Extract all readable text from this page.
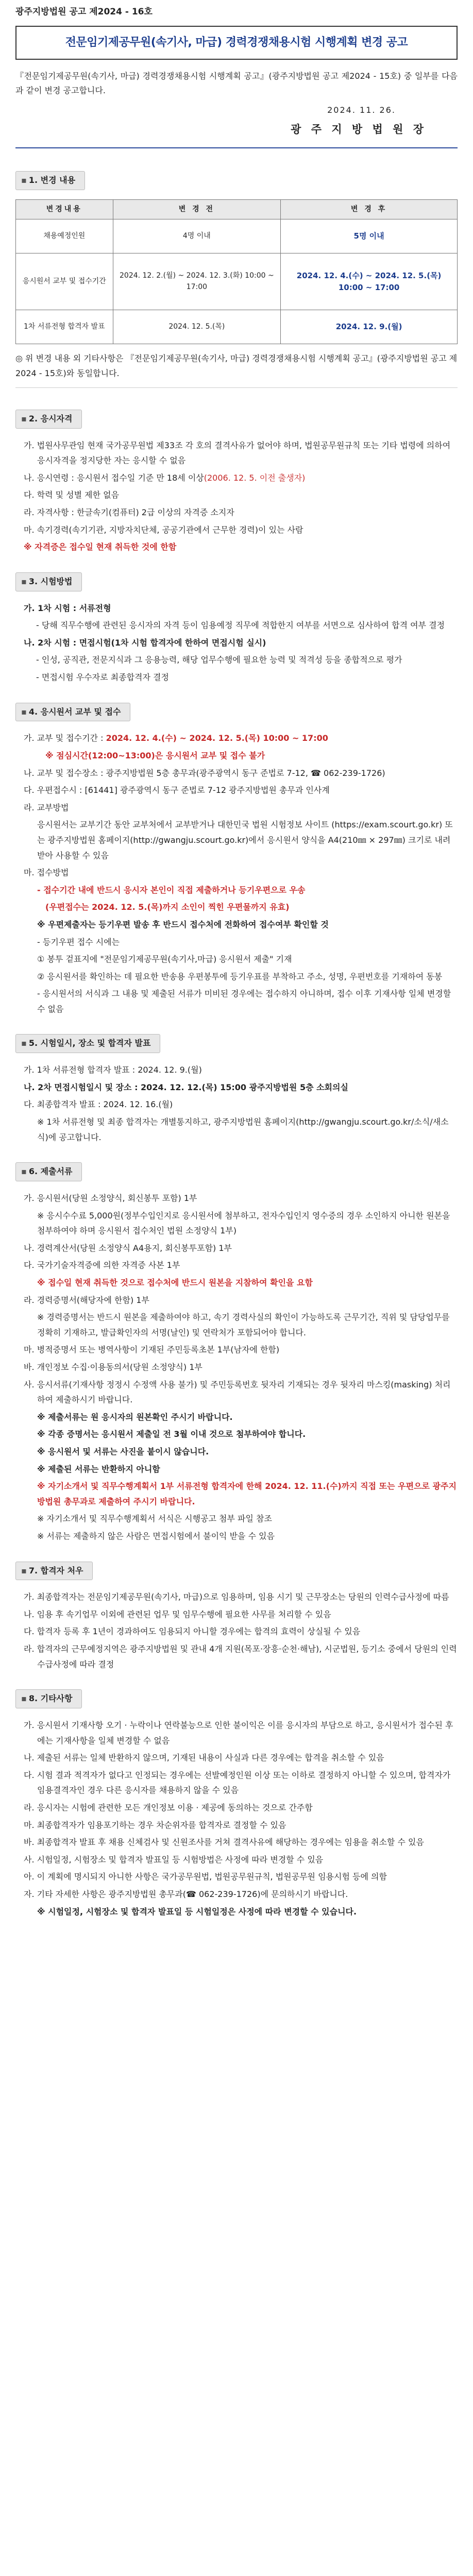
광주지방법원 공고 제2024 - 16호
전문임기제공무원(속기사, 마급) 경력경쟁채용시험 시행계획 변경 공고

『전문임기제공무원(속기사, 마급) 경력경쟁채용시험 시행계획 공고』(광주지방법원 공고 제2024 - 15호) 중 일부를 다음과 같이 변경 공고합니다.

2024. 11. 26.
광 주 지 방 법 원 장
▪ 1. 변경 내용
변경내용	변 경 전	변 경 후
채용예정인원	4명 이내	5명 이내
응시원서 교부 및 접수기간	2024. 12. 2.(월) ~ 2024. 12. 3.(화) 10:00 ~ 17:00	2024. 12. 4.(수) ~ 2024. 12. 5.(목) 10:00 ~ 17:00
1차 서류전형 합격자 발표	2024. 12. 5.(목)	2024. 12. 9.(월)

◎ 위 변경 내용 외 기타사항은 『전문임기제공무원(속기사, 마급) 경력경쟁채용시험 시행계획 공고』(광주지방법원 공고 제2024 - 15호)와 동일합니다.

▪ 2. 응시자격

가. 법원사무관임 현재 국가공무원법 제33조 각 호의 결격사유가 없어야 하며, 법원공무원규칙 또는 기타 법령에 의하여 응시자격을 정지당한 자는 응시할 수 없음

나. 응시연령 : 응시원서 접수일 기준 만 18세 이상(2006. 12. 5. 이전 출생자)

다. 학력 및 성별 제한 없음

라. 자격사항 : 한글속기(컴퓨터) 2급 이상의 자격증 소지자

마. 속기경력(속기기관, 지방자치단체, 공공기관에서 근무한 경력)이 있는 사람

※ 자격증은 접수일 현재 취득한 것에 한함

▪ 3. 시험방법

가. 1차 시험 : 서류전형

- 당해 직무수행에 관련된 응시자의 자격 등이 임용예정 직무에 적합한지 여부를 서면으로 심사하여 합격 여부 결정

나. 2차 시험 : 면접시험(1차 시험 합격자에 한하여 면접시험 실시)

- 인성, 공직관, 전문지식과 그 응용능력, 해당 업무수행에 필요한 능력 및 적격성 등을 종합적으로 평가

- 면접시험 우수자로 최종합격자 결정

▪ 4. 응시원서 교부 및 접수

가. 교부 및 접수기간 : 2024. 12. 4.(수) ~ 2024. 12. 5.(목) 10:00 ~ 17:00

※ 점심시간(12:00~13:00)은 응시원서 교부 및 접수 불가

나. 교부 및 접수장소 : 광주지방법원 5층 총무과(광주광역시 동구 준법로 7-12, ☎ 062-239-1726)

다. 우편접수시 : [61441] 광주광역시 동구 준법로 7-12 광주지방법원 총무과 인사계

라. 교부방법

응시원서는 교부기간 동안 교부처에서 교부받거나 대한민국 법원 시험정보 사이트 (https://exam.scourt.go.kr) 또는 광주지방법원 홈페이지(http://gwangju.scourt.go.kr)에서 응시원서 양식을 A4(210㎜ × 297㎜) 크기로 내려 받아 사용할 수 있음

마. 접수방법

- 접수기간 내에 반드시 응시자 본인이 직접 제출하거나 등기우편으로 우송

(우편접수는 2024. 12. 5.(목)까지 소인이 찍힌 우편물까지 유효)

※ 우편제출자는 등기우편 발송 후 반드시 접수처에 전화하여 접수여부 확인할 것

- 등기우편 접수 시에는

① 봉투 겉표지에 "전문임기제공무원(속기사,마급) 응시원서 제출" 기재

② 응시원서를 확인하는 데 필요한 반송용 우편봉투에 등기우표를 부착하고 주소, 성명, 우편번호를 기재하여 동봉

- 응시원서의 서식과 그 내용 및 제출된 서류가 미비된 경우에는 접수하지 아니하며, 접수 이후 기재사항 일체 변경할 수 없음

▪ 5. 시험일시, 장소 및 합격자 발표

가. 1차 서류전형 합격자 발표 : 2024. 12. 9.(월)

나. 2차 면접시험일시 및 장소 : 2024. 12. 12.(목) 15:00 광주지방법원 5층 소회의실

다. 최종합격자 발표 : 2024. 12. 16.(월)

※ 1차 서류전형 및 최종 합격자는 개별통지하고, 광주지방법원 홈페이지(http://gwangju.scourt.go.kr/소식/새소식)에 공고합니다.

▪ 6. 제출서류

가. 응시원서(당원 소정양식, 회신봉투 포함) 1부

※ 응시수수료 5,000원(정부수입인지로 응시원서에 첨부하고, 전자수입인지 영수증의 경우 소인하지 아니한 원본을 첨부하여야 하며 응시원서 접수처인 법원 소정양식 1부)

나. 경력계산서(당원 소정양식 A4용지, 회신봉투포함) 1부

다. 국가기술자격증에 의한 자격증 사본 1부

※ 접수일 현재 취득한 것으로 접수처에 반드시 원본을 지참하여 확인을 요함

라. 경력증명서(해당자에 한함) 1부

※ 경력증명서는 반드시 원본을 제출하여야 하고, 속기 경력사실의 확인이 가능하도록 근무기간, 직위 및 담당업무를 정확히 기재하고, 발급확인자의 서명(날인) 및 연락처가 포함되어야 합니다.

마. 병적증명서 또는 병역사항이 기재된 주민등록초본 1부(남자에 한함)

바. 개인정보 수집·이용동의서(당원 소정양식) 1부

사. 응시서류(기재사항 정정시 수정액 사용 불가) 및 주민등록번호 뒷자리 기재되는 경우 뒷자리 마스킹(masking) 처리하여 제출하시기 바랍니다.

※ 제출서류는 원 응시자의 원본확인 주시기 바랍니다.

※ 각종 증명서는 응시원서 제출일 전 3월 이내 것으로 첨부하여야 합니다.

※ 응시원서 및 서류는 사진을 붙이시 않습니다.

※ 제출된 서류는 반환하지 아니함

※ 자기소개서 및 직무수행계획서 1부 서류전형 합격자에 한해 2024. 12. 11.(수)까지 직접 또는 우편으로 광주지방법원 총무과로 제출하여 주시기 바랍니다.

※ 자기소개서 및 직무수행계획서 서식은 시행공고 첨부 파일 참조

※ 서류는 제출하지 않은 사람은 면접시험에서 불이익 받을 수 있음

▪ 7. 합격자 처우

가. 최종합격자는 전문임기제공무원(속기사, 마급)으로 임용하며, 임용 시기 및 근무장소는 당원의 인력수급사정에 따름

나. 임용 후 속기업무 이외에 관련된 업무 및 임무수행에 필요한 사무를 처리할 수 있음

다. 합격자 등록 후 1년이 경과하여도 임용되지 아니할 경우에는 합격의 효력이 상실될 수 있음

라. 합격자의 근무예정지역은 광주지방법원 및 관내 4개 지원(목포·장흥·순천·해남), 시군법원, 등기소 중에서 당원의 인력수급사정에 따라 결정

▪ 8. 기타사항

가. 응시원서 기재사항 오기 · 누락이나 연락불능으로 인한 불이익은 이를 응시자의 부담으로 하고, 응시원서가 접수된 후에는 기재사항을 일체 변경할 수 없음

나. 제출된 서류는 일체 반환하지 않으며, 기재된 내용이 사실과 다른 경우에는 합격을 취소할 수 있음

다. 시험 결과 적격자가 없다고 인정되는 경우에는 선발예정인원 이상 또는 이하로 결정하지 아니할 수 있으며, 합격자가 임용결격자인 경우 다른 응시자를 채용하지 않을 수 있음

라. 응시자는 시험에 관련한 모든 개인정보 이용 · 제공에 동의하는 것으로 간주함

마. 최종합격자가 임용포기하는 경우 차순위자를 합격자로 결정할 수 있음

바. 최종합격자 발표 후 채용 신체검사 및 신원조사를 거쳐 결격사유에 해당하는 경우에는 임용을 취소할 수 있음

사. 시험일정, 시험장소 및 합격자 발표일 등 시험방법은 사정에 따라 변경할 수 있음

아. 이 계획에 명시되지 아니한 사항은 국가공무원법, 법원공무원규칙, 법원공무원 임용시험 등에 의함

자. 기타 자세한 사항은 광주지방법원 총무과(☎ 062-239-1726)에 문의하시기 바랍니다.

※ 시험일정, 시험장소 및 합격자 발표일 등 시험일정은 사정에 따라 변경할 수 있습니다.
